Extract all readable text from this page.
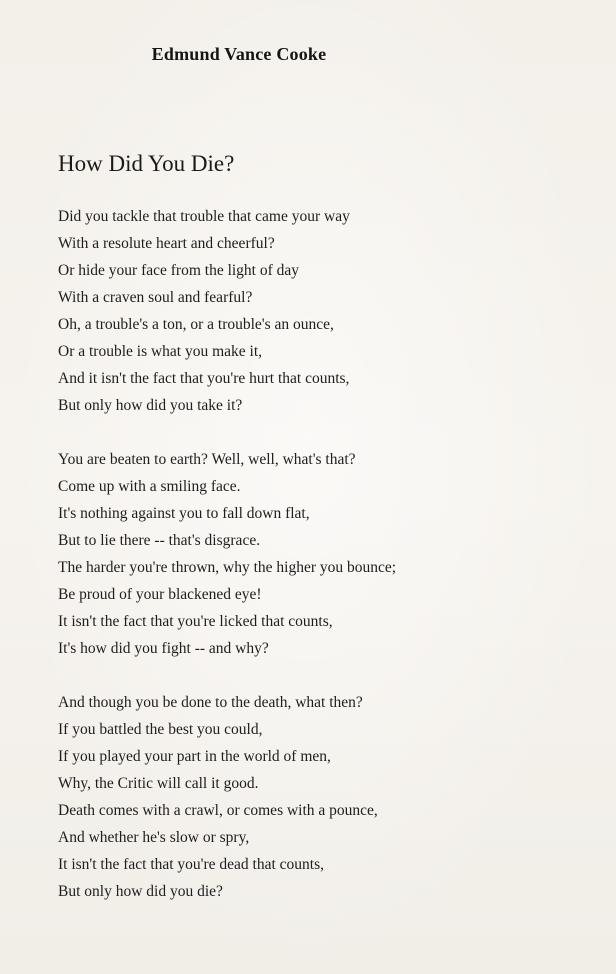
Edmund Vance Cooke
How Did You Die?
Did you tackle that trouble that came your way
With a resolute heart and cheerful?
Or hide your face from the light of day
With a craven soul and fearful?
Oh, a trouble's a ton, or a trouble's an ounce,
Or a trouble is what you make it,
And it isn't the fact that you're hurt that counts,
But only how did you take it?
You are beaten to earth? Well, well, what's that?
Come up with a smiling face.
It's nothing against you to fall down flat,
But to lie there -- that's disgrace.
The harder you're thrown, why the higher you bounce;
Be proud of your blackened eye!
It isn't the fact that you're licked that counts,
It's how did you fight -- and why?
And though you be done to the death, what then?
If you battled the best you could,
If you played your part in the world of men,
Why, the Critic will call it good.
Death comes with a crawl, or comes with a pounce,
And whether he's slow or spry,
It isn't the fact that you're dead that counts,
But only how did you die?
